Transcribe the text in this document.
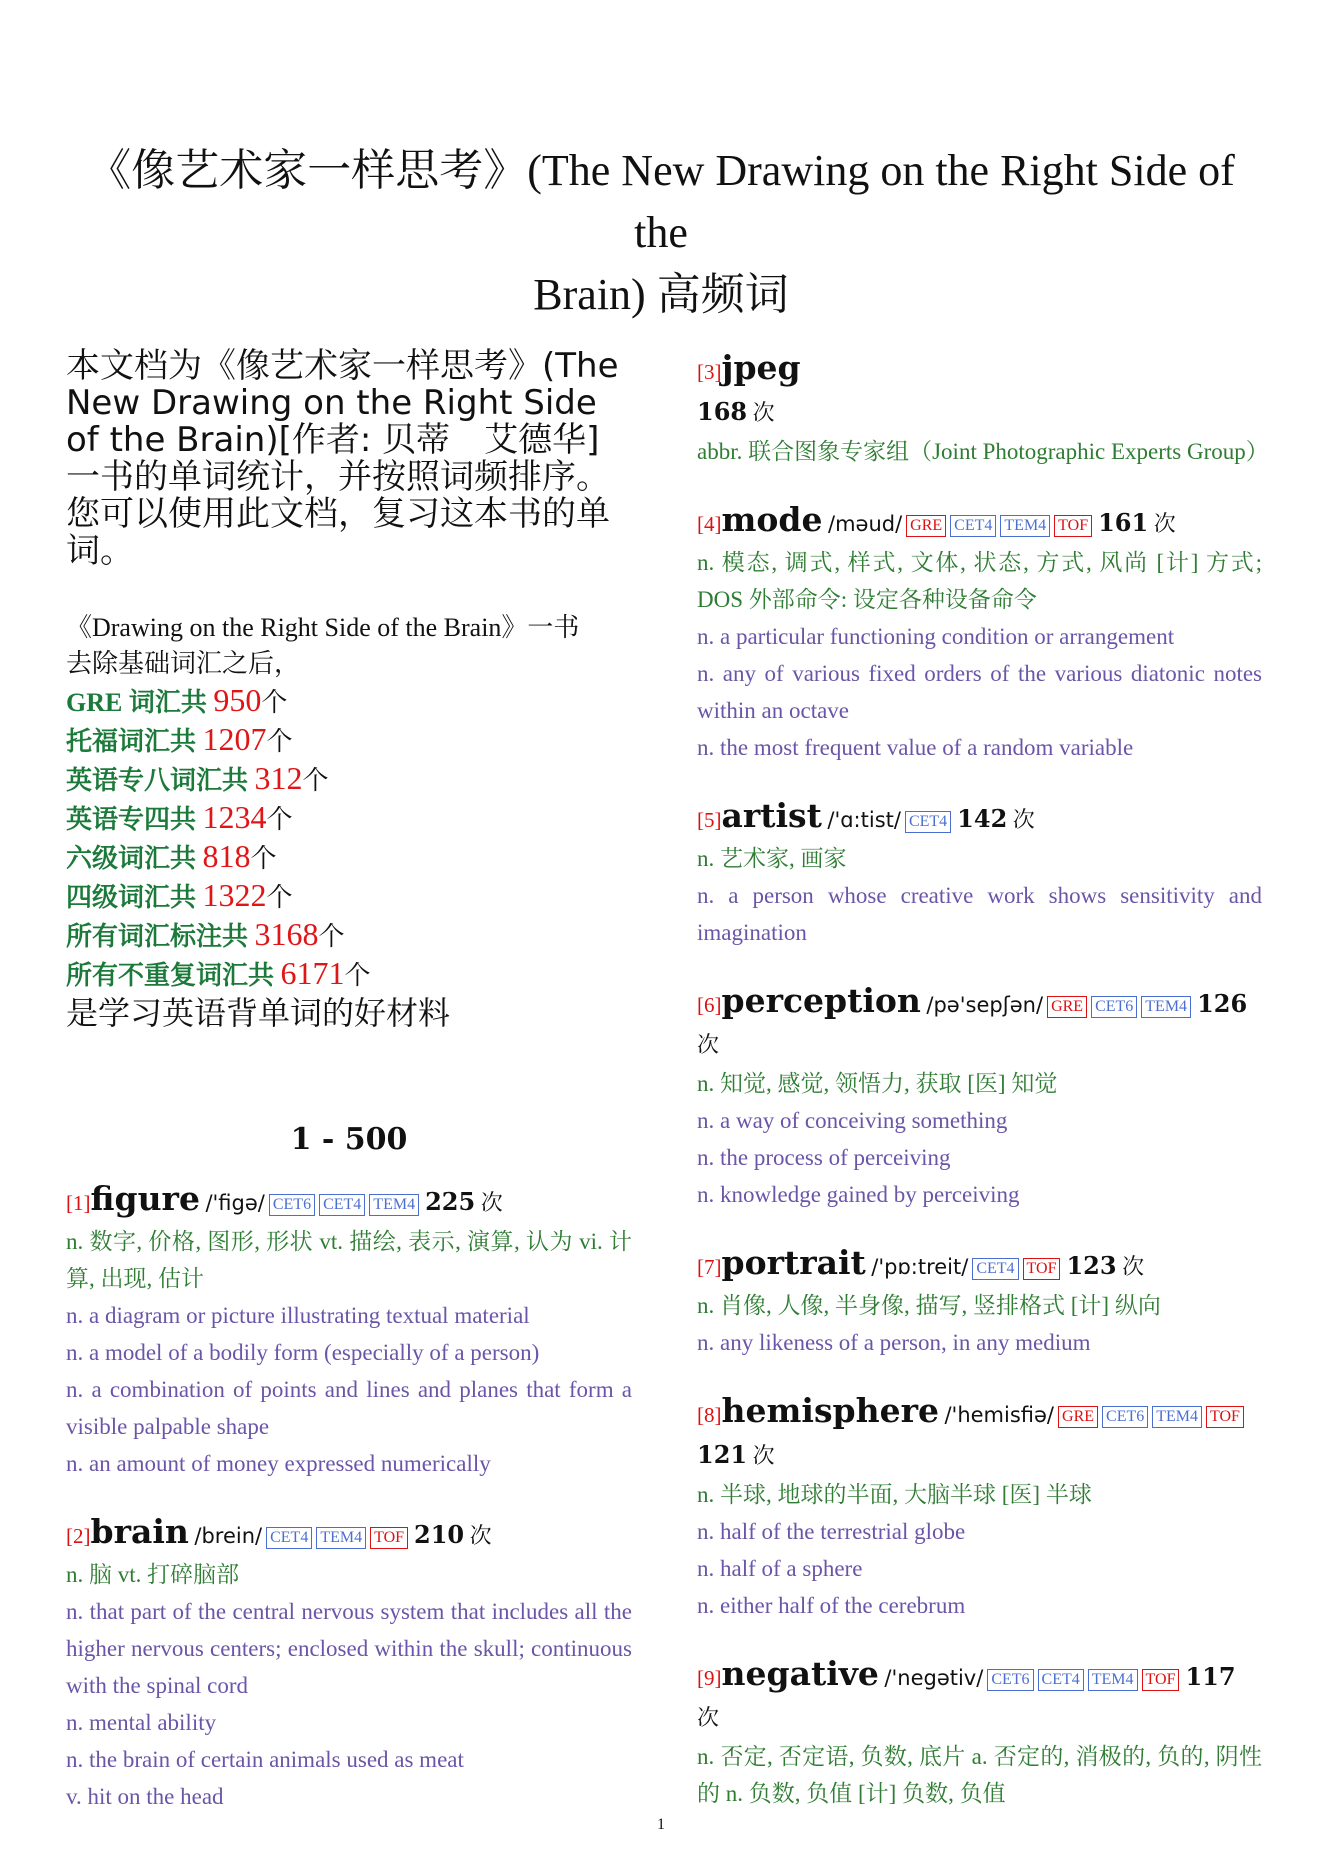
《像艺术家一样思考》(The New Drawing on the Right Side of the
Brain) 高频词
本文档为《像艺术家一样思考》(The New Drawing on the Right Side of the Brain)[作者: 贝蒂　艾德华] 一书的单词统计，并按照词频排序。
您可以使用此文档，复习这本书的单词。
《Drawing on the Right Side of the Brain》一书
去除基础词汇之后，
GRE 词汇共 950个
托福词汇共 1207个
英语专八词汇共 312个
英语专四共 1234个
六级词汇共 818个
四级词汇共 1322个
所有词汇标注共 3168个
所有不重复词汇共 6171个
是学习英语背单词的好材料
1 - 500
[1]figure /'figə/ CET6 CET4 TEM4 225 次
n. 数字, 价格, 图形, 形状 vt. 描绘, 表示, 演算, 认为 vi. 计算, 出现, 估计
n. a diagram or picture illustrating textual material
n. a model of a bodily form (especially of a person)
n. a combination of points and lines and planes that form a visible palpable shape
n. an amount of money expressed numerically
[2]brain /brein/ CET4 TEM4 TOF 210 次
n. 脑 vt. 打碎脑部
n. that part of the central nervous system that includes all the higher nervous centers; enclosed within the skull; continuous with the spinal cord
n. mental ability
n. the brain of certain animals used as meat
v. hit on the head
[3]jpeg
168 次
abbr. 联合图象专家组（Joint Photographic Experts Group）
[4]mode /məud/ GRE CET4 TEM4 TOF 161 次
n. 模态, 调式, 样式, 文体, 状态, 方式, 风尚 [计] 方式; DOS 外部命令: 设定各种设备命令
n. a particular functioning condition or arrangement
n. any of various fixed orders of the various diatonic notes within an octave
n. the most frequent value of a random variable
[5]artist /'ɑ:tist/ CET4 142 次
n. 艺术家, 画家
n. a person whose creative work shows sensitivity and imagination
[6]perception /pə'sepʃən/ GRE CET6 TEM4 126 次
n. 知觉, 感觉, 领悟力, 获取 [医] 知觉
n. a way of conceiving something
n. the process of perceiving
n. knowledge gained by perceiving
[7]portrait /'pɒ:treit/ CET4 TOF 123 次
n. 肖像, 人像, 半身像, 描写, 竖排格式 [计] 纵向
n. any likeness of a person, in any medium
[8]hemisphere /'hemisfiə/ GRE CET6 TEM4 TOF
121 次
n. 半球, 地球的半面, 大脑半球 [医] 半球
n. half of the terrestrial globe
n. half of a sphere
n. either half of the cerebrum
[9]negative /'negətiv/ CET6 CET4 TEM4 TOF 117 次
n. 否定, 否定语, 负数, 底片 a. 否定的, 消极的, 负的, 阴性的 n. 负数, 负值 [计] 负数, 负值
1
